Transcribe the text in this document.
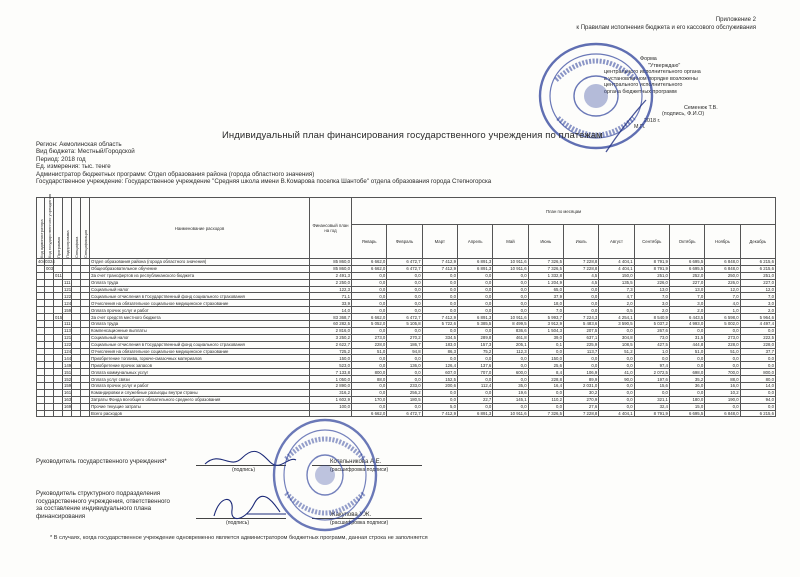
Приложение 2
к Правилам исполнения бюджета и его кассового обслуживания
Форма
"Утверждаю"
центрального исполнительного органа
в установленном порядке возложены
центрального исполнительного
органа бюджетных программ
Семенюк Т.В.
(подпись, Ф.И.О)
2018 г.
М.П.
Индивидуальный план финансирования государственного учреждения по платежам
Регион: Акмолинская область
Вид бюджета: Местный/Городской
Период: 2018 год
Ед. измерения: тыс. тенге
Администратор бюджетных программ: Отдел образования района (города областного значения)
Государственное учреждение: Государственное учреждение "Средняя школа имени В.Комарова поселка Шантобе" отдела образования города Степногорска
Код администратора	Код государственного учреждения	Программа	Подпрограмма	Специфика	Спецификация	Наименование расходов	Финансовый план на год	План по месяцам											
								Январь	Февраль	Март	Апрель	Май	Июнь	Июль	Август	Сентябрь	Октябрь	Ноябрь	Декабрь
4040324						Отдел образования района (города областного значения)	85 860,0	6 662,0	6 472,7	7 412,9	6 891,3	10 911,6	7 326,5	7 228,8	4 404,1	8 791,9	6 695,5	6 848,0	6 215,6
	003					Общеобразовательное обучение	85 860,0	6 662,0	6 472,7	7 412,9	6 891,3	10 911,6	7 326,5	7 228,8	4 404,1	8 791,9	6 695,5	6 848,0	6 215,6
		011				За счет трансфертов из республиканского бюджета	2 491,3	0,0	0,0	0,0	0,0	0,0	1 332,8	4,5	150,0	251,0	252,0	250,0	251,0
			111			Оплата труда	2 250,0	0,0	0,0	0,0	0,0	0,0	1 204,9	4,5	135,5	226,0	227,0	226,0	227,0
			121			Социальный налог	122,3	0,0	0,0	0,0	0,0	0,0	65,0	0,0	7,3	13,0	13,0	12,0	12,0
			122			Социальные отчисления в Государственный фонд социального страхования	71,1	0,0	0,0	0,0	0,0	0,0	37,9	0,0	4,7	7,0	7,0	7,0	7,0
			124			Отчисления на обязательное социальное медицинское страхование	33,9	0,0	0,0	0,0	0,0	0,0	18,0	0,0	2,0	3,0	3,0	4,0	3,0
			159			Оплата прочих услуг и работ	14,0	0,0	0,0	0,0	0,0	0,0	7,0	0,0	0,5	2,0	2,0	1,0	2,0
		015				За счет средств местного бюджета	83 368,7	6 662,0	6 472,7	7 412,9	6 891,3	10 911,6	5 993,7	7 224,3	4 254,1	8 540,9	6 443,5	6 598,0	5 964,6
			111			Оплата труда	60 282,5	5 052,0	5 105,8	5 722,6	5 385,5	8 499,5	3 912,9	5 483,6	3 590,5	5 037,2	4 993,0	5 002,0	4 497,4
			113			Компенсационные выплаты	2 816,0	0,0	0,0	0,0	0,0	836,6	1 504,3	207,5	0,0	267,6	0,0	0,0	0,0
			121			Социальный налог	3 250,2	273,0	270,2	334,5	289,8	461,8	39,0	637,1	304,8	73,0	31,5	273,0	222,5
			122			Социальные отчисления в Государственный фонд социального страхования	2 622,7	228,0	186,7	183,0	157,3	205,1	0,1	225,9	108,5	427,5	444,8	228,0	228,0
			124			Отчисления на обязательное социальное медицинское страхование	725,2	51,0	94,8	86,3	75,2	112,3	0,0	113,7	51,2	1,0	51,0	51,0	37,7
			144			Приобретение топлива, горюче-смазочных материалов	150,0	0,0	0,0	0,0	0,0	0,0	150,0	0,0	0,0	0,0	0,0	0,0	0,0
			149			Приобретение прочих запасов	523,0	0,0	136,0	126,4	137,6	0,0	25,6	0,0	0,0	97,4	0,0	0,0	0,0
			151			Оплата коммунальных услуг	7 133,8	800,0	0,0	607,0	707,0	600,0	8,4	106,9	41,0	2 072,5	698,0	700,0	800,0
			152			Оплата услуг связи	1 050,0	88,0	0,0	152,5	0,0	0,0	228,8	89,9	90,0	197,6	35,2	88,0	80,0
			159			Оплата прочих услуг и работ	2 890,0	0,0	233,0	200,6	112,4	35,0	16,4	2 031,0	0,0	15,6	36,0	16,0	14,0
			161			Командировки и служебные разъезды внутри страны	316,2	0,0	256,2	0,0	0,0	19,6	0,0	30,2	0,0	0,0	0,0	10,2	0,0
			163			Затраты Фонда всеобщего обязательного среднего образования	1 602,9	170,0	180,5	0,0	22,7	145,1	110,2	270,9	0,0	321,1	180,0	190,0	94,0
			169			Прочие текущие затраты	100,0	0,0	0,0	5,0	0,0	0,0	0,0	27,6	0,0	32,4	15,0	0,0	0,0
						Всего расходов		6 662,0	6 472,7	7 412,9	6 891,3	10 911,6	7 326,5	7 228,8	4 404,1	8 791,9	6 695,5	6 848,0	6 215,6
Руководитель государственного учреждения*
(подпись)
Котельникова А.Е.
(расшифровка подписи)
Руководитель структурного подразделения
государственного учреждения, ответственного
за составление индивидуального плана
финансирования
(подпись)
Жакупова У.Ж.
(расшифровка подписи)
* В случаях, когда государственное учреждение одновременно является администратором бюджетных программ, данная строка не заполняется
